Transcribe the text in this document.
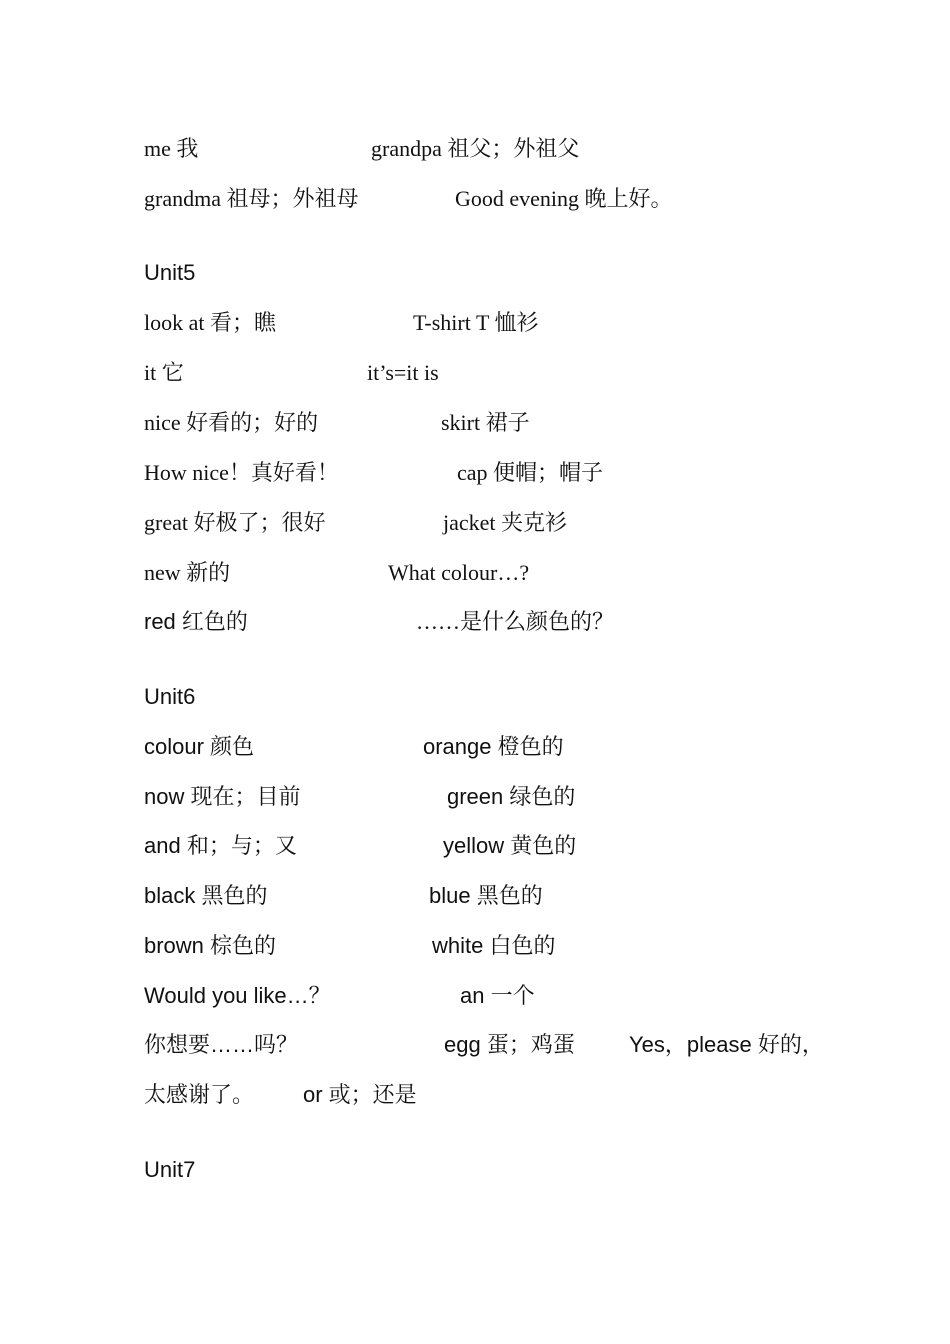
me 我	grandpa 祖父；外祖父
grandma 祖母；外祖母	Good evening 晚上好。
Unit5
look at 看；瞧	T-shirt T 恤衫
it 它	it’s=it is
nice 好看的；好的	skirt 裙子
How nice！真好看！	cap 便帽；帽子
great 好极了；很好	jacket 夹克衫
new 新的	What colour…?
red 红色的	……是什么颜色的？
Unit6
colour 颜色	orange 橙色的
now 现在；目前	green 绿色的
and 和；与；又	yellow 黄色的
black 黑色的	blue 黑色的
brown 棕色的	white 白色的
Would you like…？	an 一个
你想要……吗？	egg 蛋；鸡蛋 Yes，please 好的，
太感谢了。 or 或；还是
Unit7
